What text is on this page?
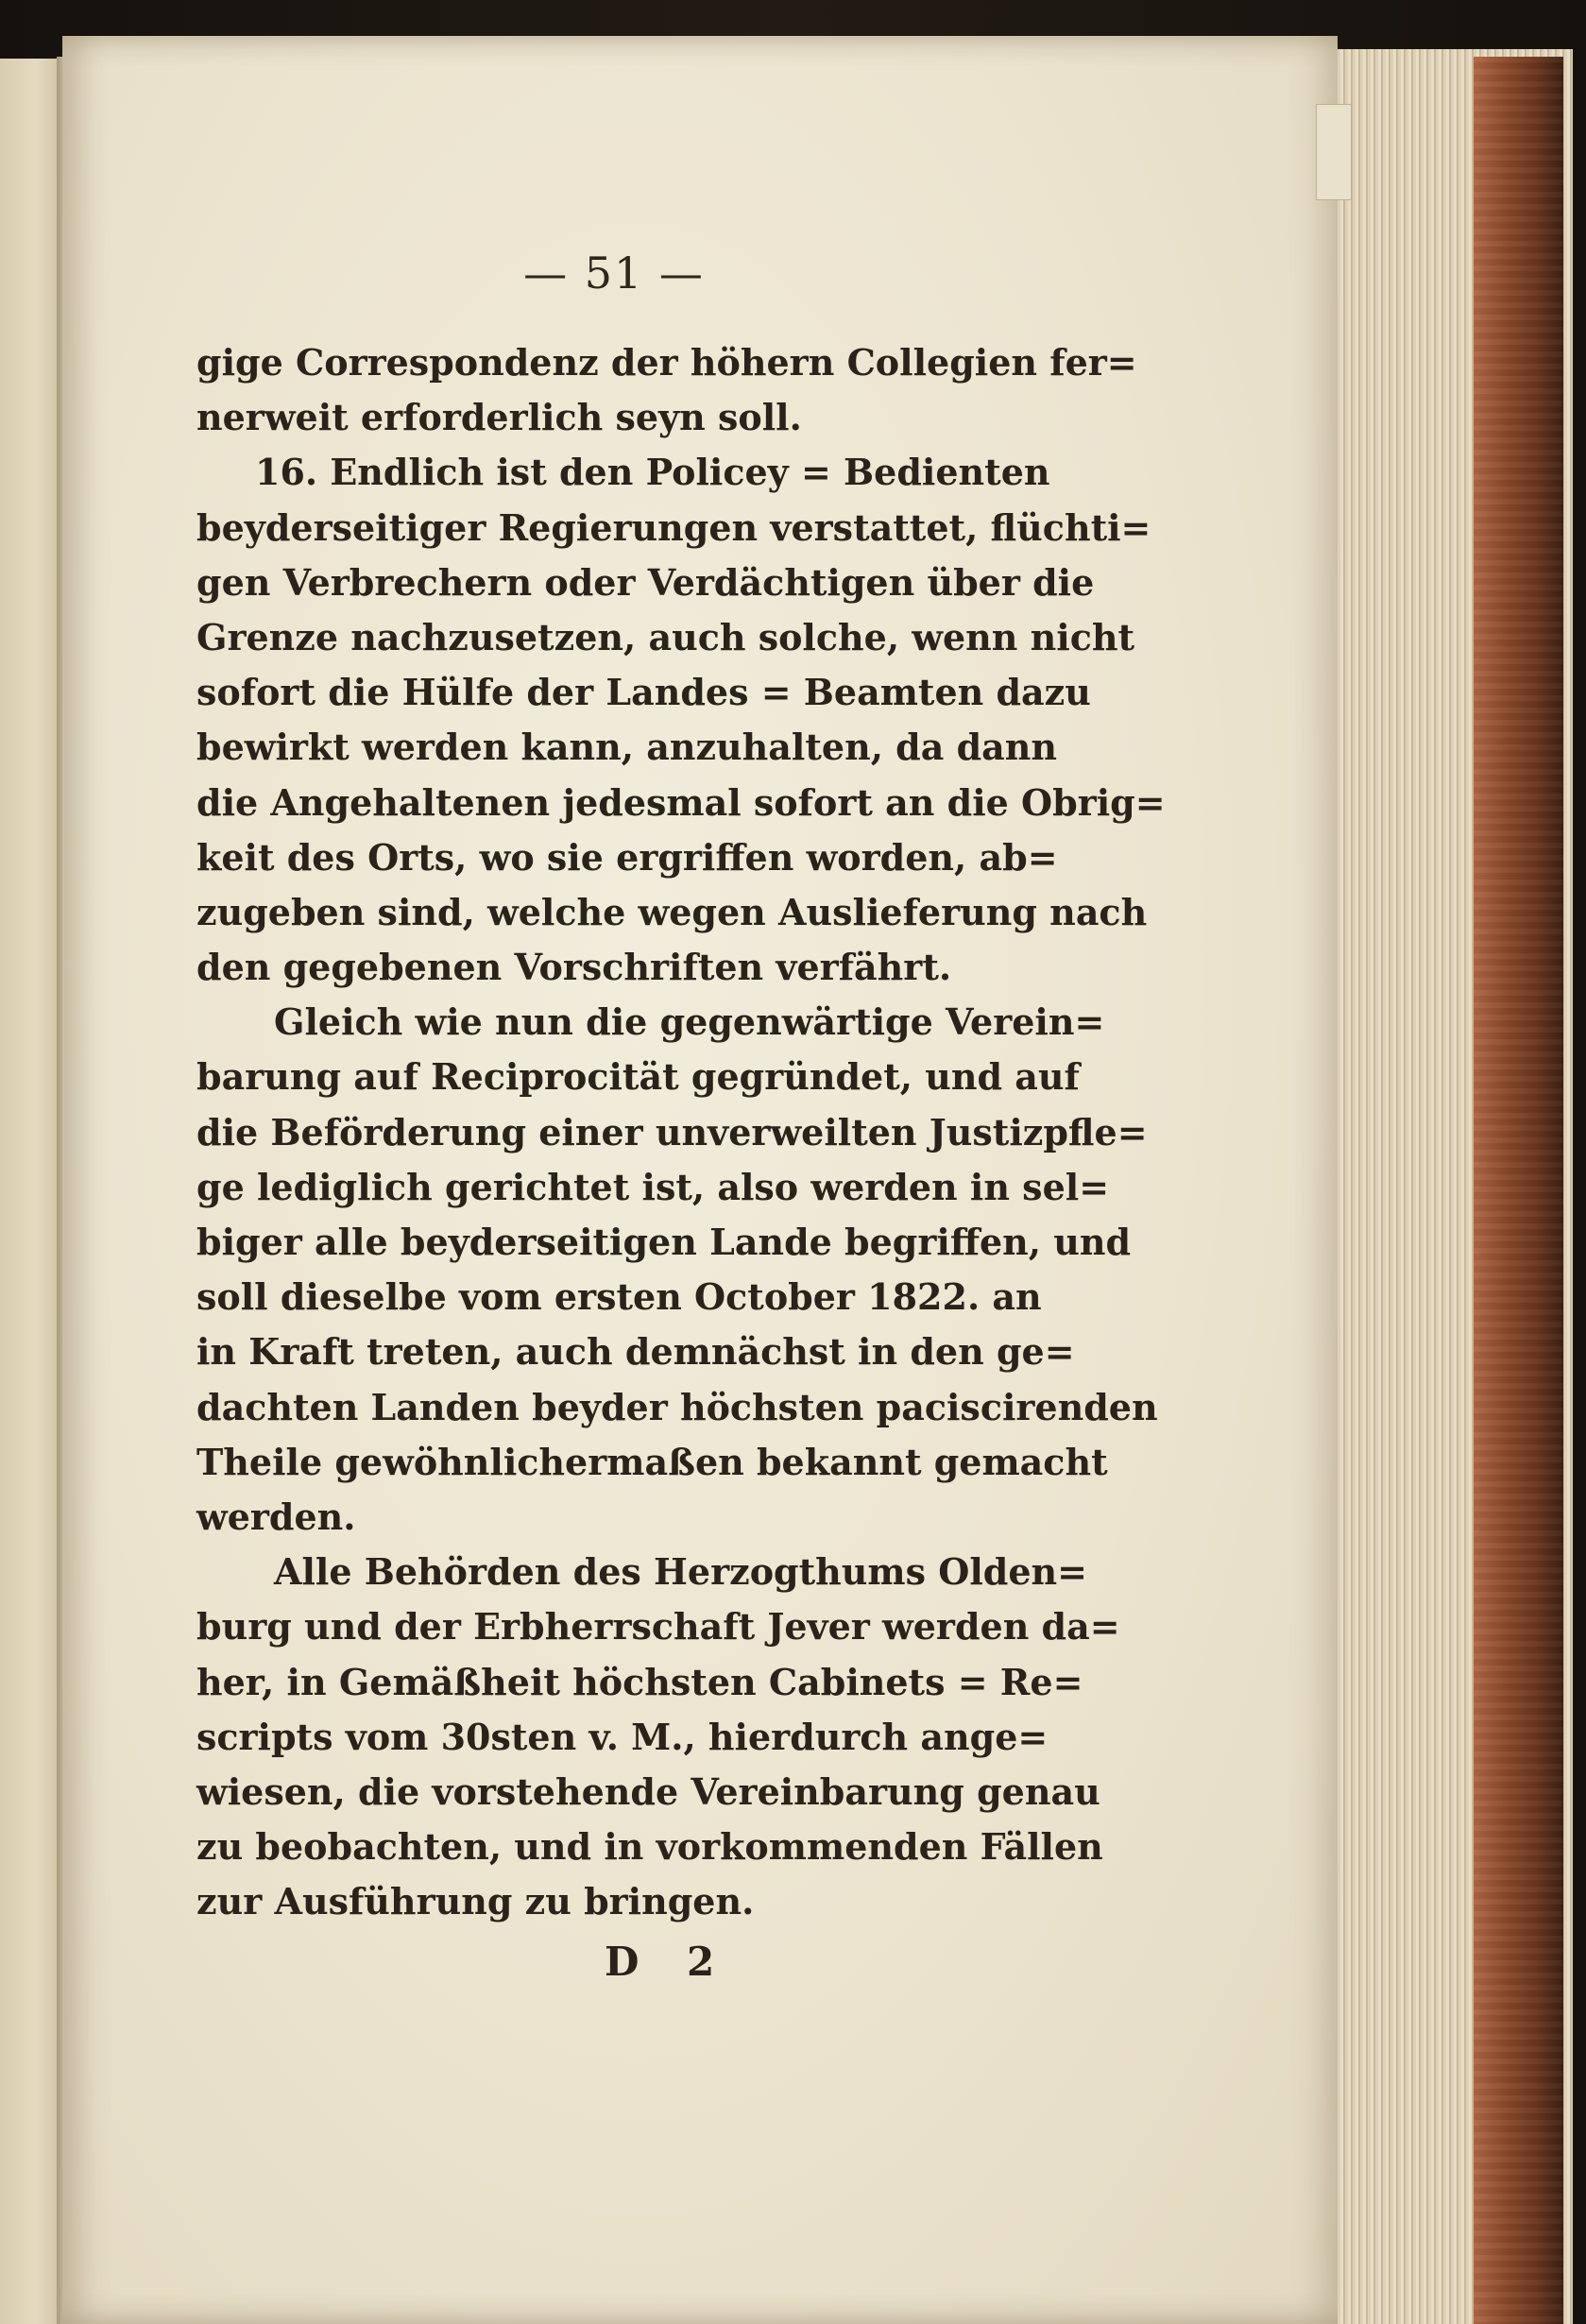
— 51 —
gige Correspondenz der höhern Collegien fer=
nerweit erforderlich seyn soll.
16. Endlich ist den Policey = Bedienten
beyderseitiger Regierungen verstattet, flüchti=
gen Verbrechern oder Verdächtigen über die
Grenze nachzusetzen, auch solche, wenn nicht
sofort die Hülfe der Landes = Beamten dazu
bewirkt werden kann, anzuhalten, da dann
die Angehaltenen jedesmal sofort an die Obrig=
keit des Orts, wo sie ergriffen worden, ab=
zugeben sind, welche wegen Auslieferung nach
den gegebenen Vorschriften verfährt.
Gleich wie nun die gegenwärtige Verein=
barung auf Reciprocität gegründet, und auf
die Beförderung einer unverweilten Justizpfle=
ge lediglich gerichtet ist, also werden in sel=
biger alle beyderseitigen Lande begriffen, und
soll dieselbe vom ersten October 1822. an
in Kraft treten, auch demnächst in den ge=
dachten Landen beyder höchsten paciscirenden
Theile gewöhnlichermaßen bekannt gemacht
werden.
Alle Behörden des Herzogthums Olden=
burg und der Erbherrschaft Jever werden da=
her, in Gemäßheit höchsten Cabinets = Re=
scripts vom 30sten v. M., hierdurch ange=
wiesen, die vorstehende Vereinbarung genau
zu beobachten, und in vorkommenden Fällen
zur Ausführung zu bringen.
D 2
